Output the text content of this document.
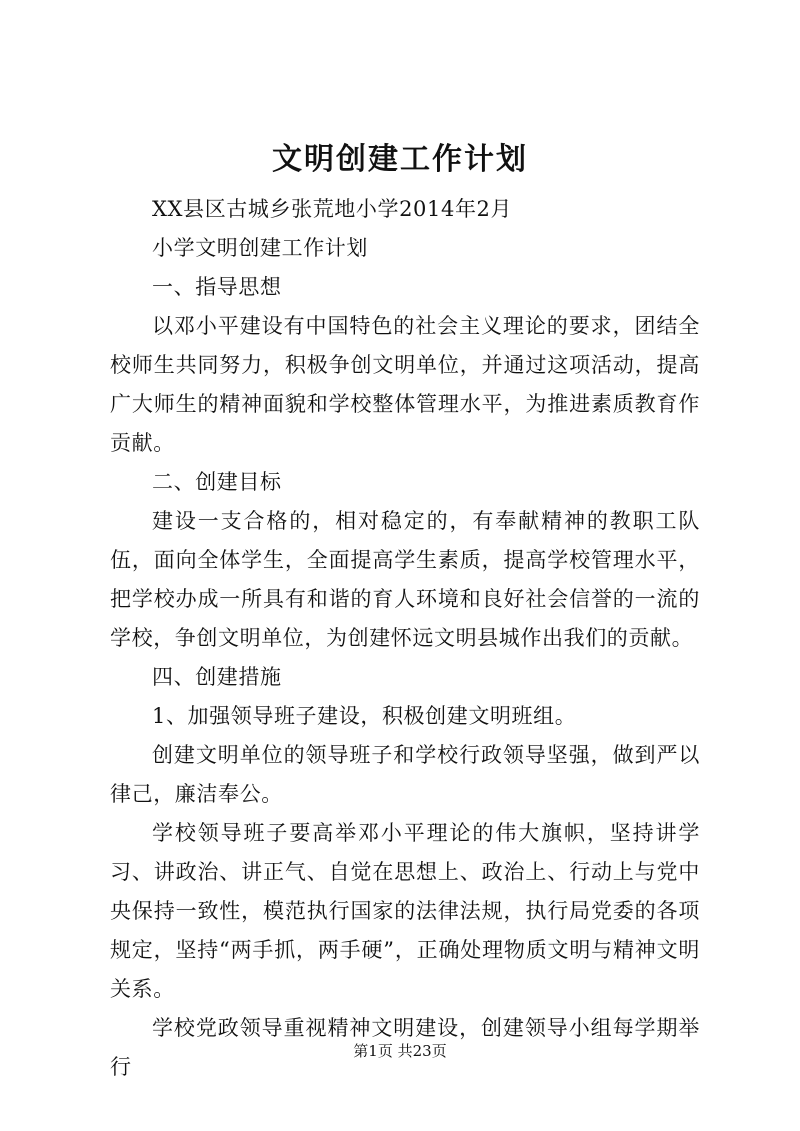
文明创建工作计划

XX县区古城乡张荒地小学2014年2月

小学文明创建工作计划

一、指导思想

以邓小平建设有中国特色的社会主义理论的要求，团结全校师生共同努力，积极争创文明单位，并通过这项活动，提高广大师生的精神面貌和学校整体管理水平，为推进素质教育作贡献。

二、创建目标

建设一支合格的，相对稳定的，有奉献精神的教职工队伍，面向全体学生，全面提高学生素质，提高学校管理水平，把学校办成一所具有和谐的育人环境和良好社会信誉的一流的学校，争创文明单位，为创建怀远文明县城作出我们的贡献。

四、创建措施

1、加强领导班子建设，积极创建文明班组。

创建文明单位的领导班子和学校行政领导坚强，做到严以律己，廉洁奉公。

学校领导班子要高举邓小平理论的伟大旗帜，坚持讲学习、讲政治、讲正气、自觉在思想上、政治上、行动上与党中央保持一致性，模范执行国家的法律法规，执行局党委的各项规定，坚持“两手抓，两手硬”，正确处理物质文明与精神文明关系。

学校党政领导重视精神文明建设，创建领导小组每学期举行

第1页 共23页
